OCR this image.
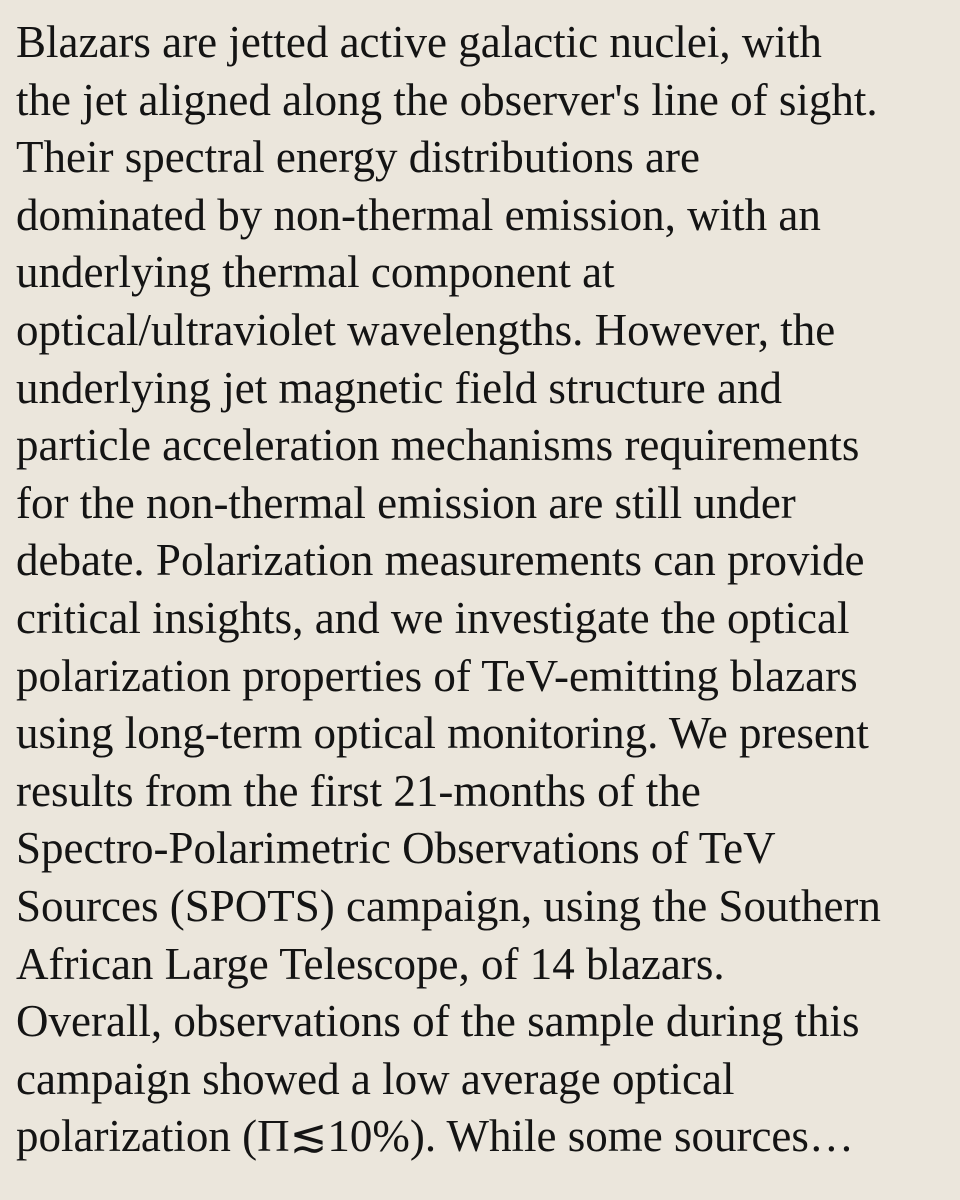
Blazars are jetted active galactic nuclei, with
the jet aligned along the observer's line of sight.
Their spectral energy distributions are
dominated by non-thermal emission, with an
underlying thermal component at
optical/ultraviolet wavelengths. However, the
underlying jet magnetic field structure and
particle acceleration mechanisms requirements
for the non-thermal emission are still under
debate. Polarization measurements can provide
critical insights, and we investigate the optical
polarization properties of TeV-emitting blazars
using long-term optical monitoring. We present
results from the first 21-months of the
Spectro-Polarimetric Observations of TeV
Sources (SPOTS) campaign, using the Southern
African Large Telescope, of 14 blazars.
Overall, observations of the sample during this
campaign showed a low average optical
polarization (Π≲10%). While some sources…
